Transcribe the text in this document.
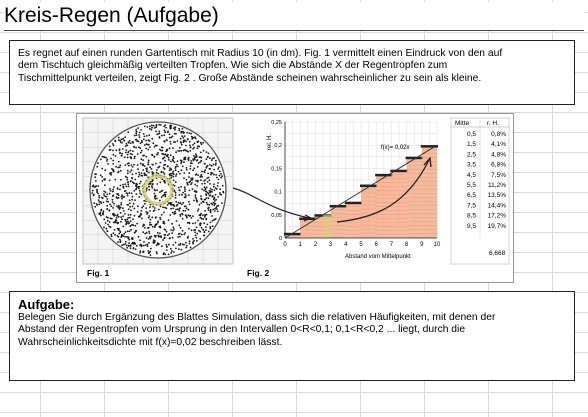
Kreis-Regen (Aufgabe)
Es regnet auf einen runden Gartentisch mit Radius 10 (in dm). Fig. 1 vermittelt einen Eindruck von den auf
dem Tischtuch gleichmäßig verteilten Tropfen. Wie sich die Abstände X der Regentropfen zum
Tischmittelpunkt verteilen, zeigt Fig. 2 . Große Abstände scheinen wahrscheinlicher zu sein als kleine.
Fig. 1
0 1 2 3 4 5 6 7 8 9 10
0
0,05
0,1
0,15
0,2
0,25
rel. H.
Abstand vom Mittelpunkt
f(x)= 0,02x
Fig. 2
Mitte	r. H.
0,5 0,8%
1,5 4,1%
2,5 4,8%
3,5 6,8%
4,5 7,5%
5,5 11,2%
6,5 13,5%
7,5 14,4%
8,5 17,2%
9,5 19,7%
6,668
Aufgabe:
Belegen Sie durch Ergänzung des Blattes Simulation, dass sich die relativen Häufigkeiten, mit denen der
Abstand der Regentropfen vom Ursprung in den Intervallen 0<R<0,1; 0,1<R<0,2 ... liegt, durch die
Wahrscheinlichkeitsdichte mit f(x)=0,02 beschreiben lässt.
